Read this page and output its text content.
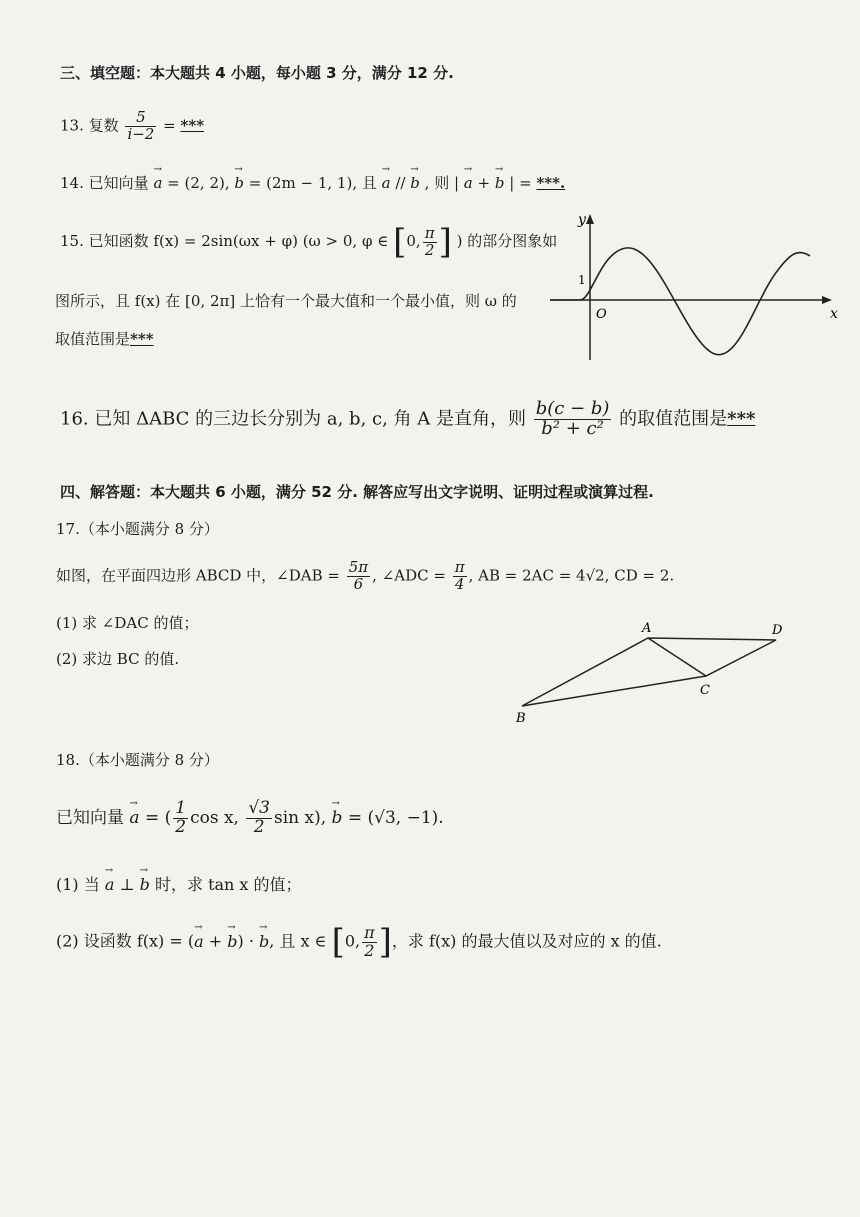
三、填空题：本大题共 4 小题，每小题 3 分，满分 12 分.
13. 复数 $\frac{5}{i-2}$ = ***
14. 已知向量 → a = (2, 2), → b = (2m − 1, 1), 且 → a // → b , 则 | → a + → b | = ***.
15. 已知函数 f(x) = 2sin(ωx + φ) (ω > 0, φ ∈ [0, $\frac{\pi}{2}$ ] ) 的部分图象如
图所示，且 f(x) 在 [0, 2π] 上恰有一个最大值和一个最小值，则 ω 的
取值范围是***
y
x
O
1
16. 已知 ΔABC 的三边长分别为 a, b, c, 角 A 是直角，则 $\frac{b(c - b)}{\text{b² + c²}}$ 的取值范围是***
四、解答题：本大题共 6 小题，满分 52 分. 解答应写出文字说明、证明过程或演算过程.
17.（本小题满分 8 分）
如图，在平面四边形 ABCD 中，∠DAB = $\frac{5\pi}{6}$ , ∠ADC = $\frac{\pi}{4}$ , AB = 2AC = 4√2, CD = 2.
(1) 求 ∠DAC 的值；
(2) 求边 BC 的值.
A
B
C
D
18.（本小题满分 8 分）
已知向量 → a = ( $\frac{1}{2}$ cos x, $\frac{√3}{2}$ sin x), → b = (√3, −1).
(1) 当 → a ⊥ → b 时，求 tan x 的值；
(2) 设函数 f(x) = (→ a + → b) · → b, 且 x ∈ [0, $\frac{\pi}{2}$ ]，求 f(x) 的最大值以及对应的 x 的值.
